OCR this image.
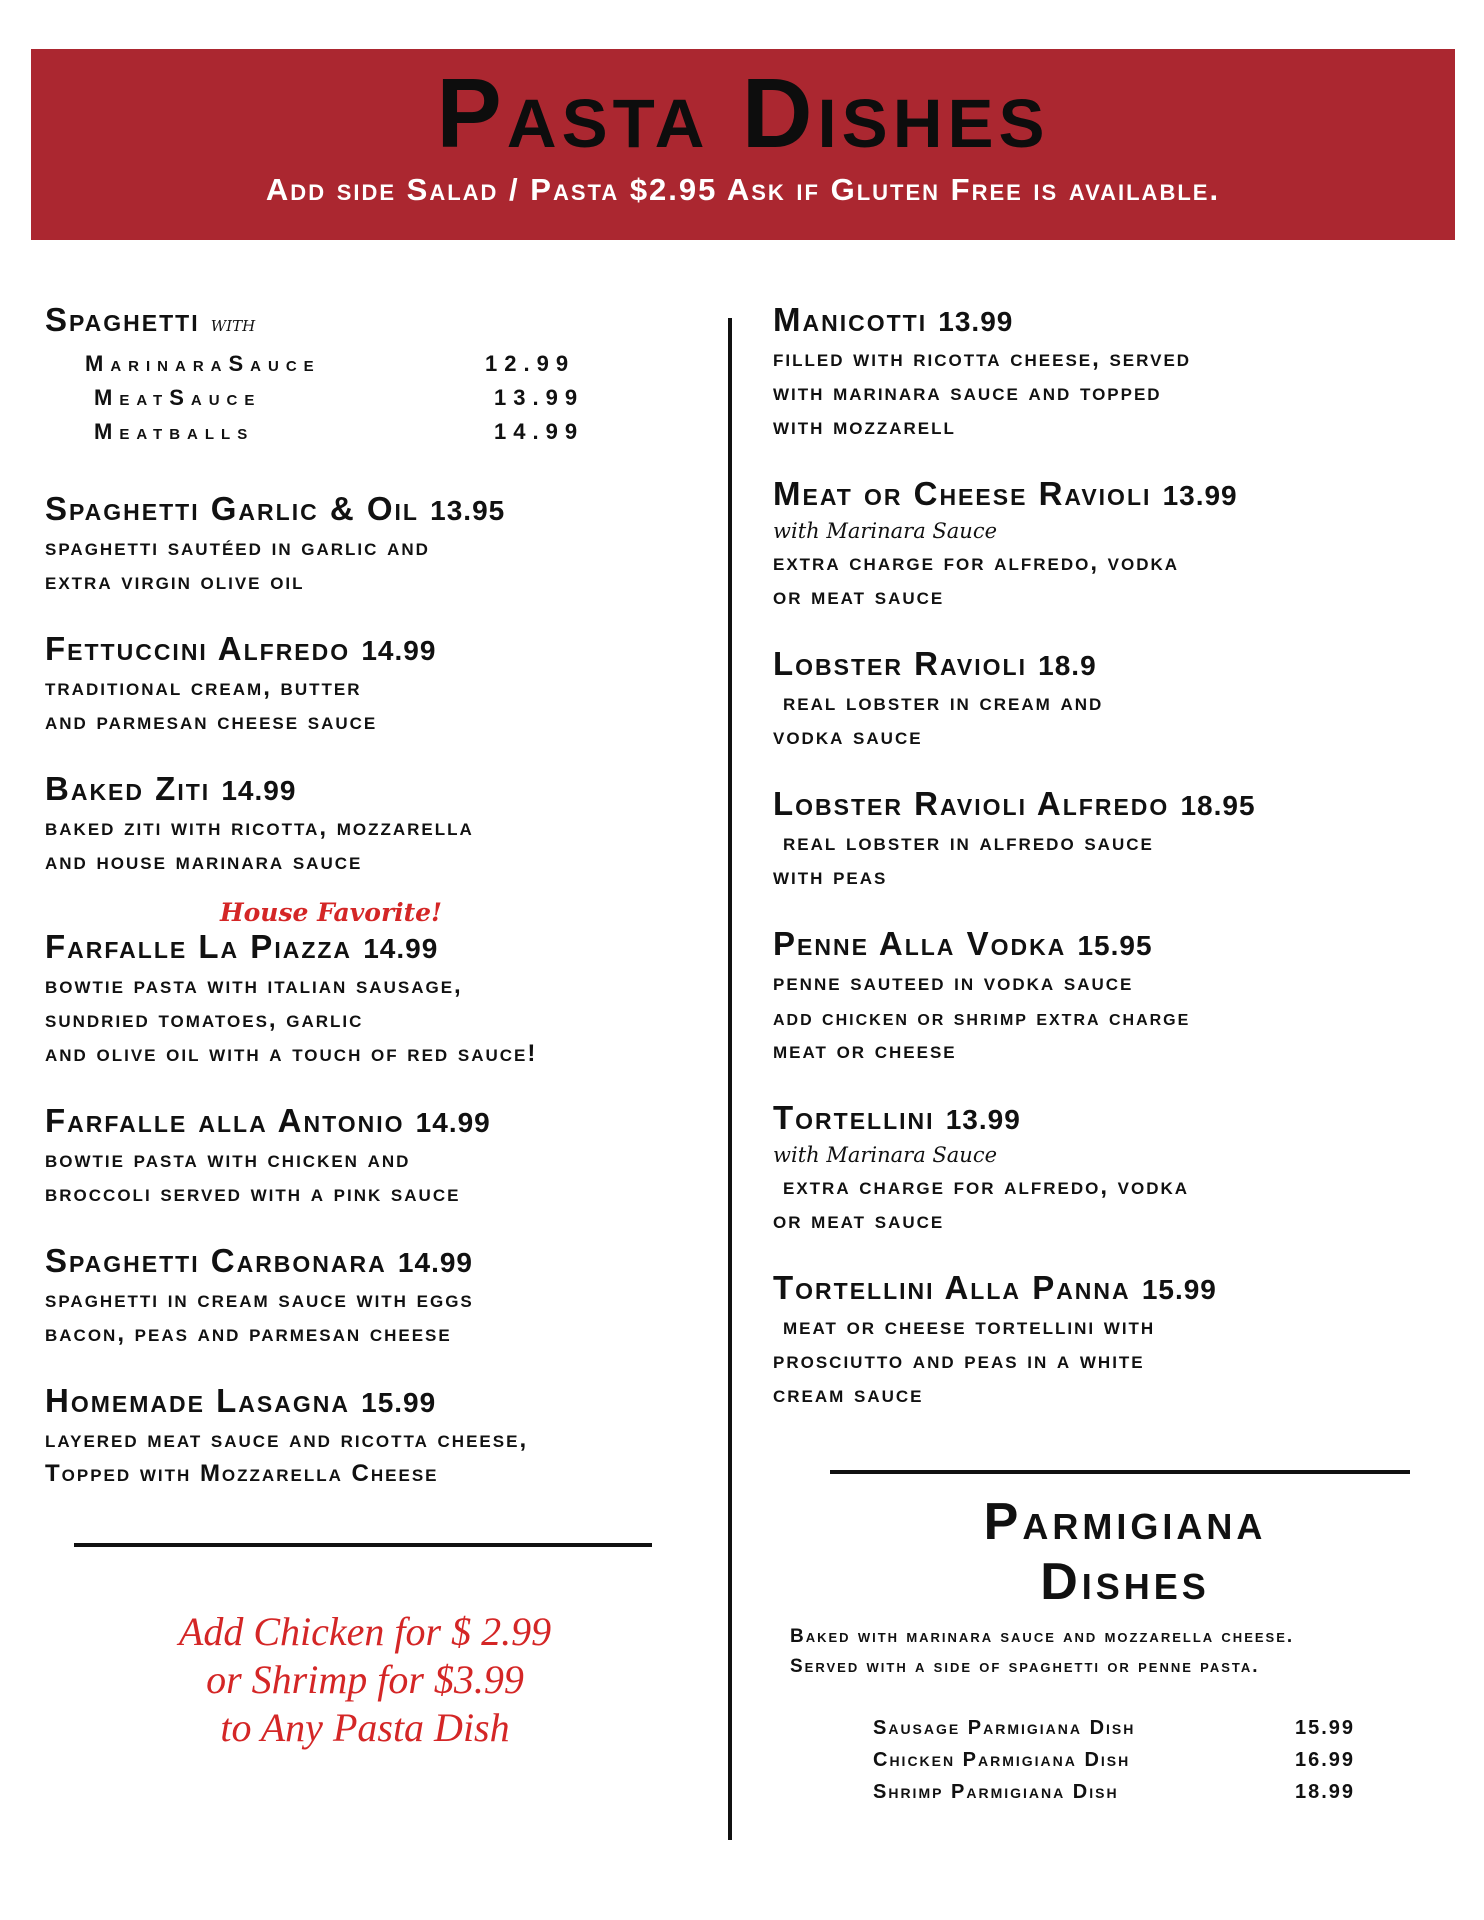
Pasta Dishes
Add side Salad / Pasta $2.95 Ask if Gluten Free is available.
Spaghetti with
MarinaraSauce	12.99
MeatSauce	13.99
Meatballs	14.99
Spaghetti Garlic & Oil 13.95
spaghetti sautéed in garlic and
extra virgin olive oil
Fettuccini Alfredo 14.99
traditional cream, butter
and parmesan cheese sauce
Baked Ziti 14.99
baked ziti with ricotta, mozzarella
and house marinara sauce
House Favorite!
Farfalle La Piazza 14.99
bowtie pasta with italian sausage,
sundried tomatoes, garlic
and olive oil with a touch of red sauce!
Farfalle alla Antonio 14.99
bowtie pasta with chicken and
broccoli served with a pink sauce
Spaghetti Carbonara 14.99
spaghetti in cream sauce with eggs
bacon, peas and parmesan cheese
Homemade Lasagna 15.99
layered meat sauce and ricotta cheese,
Topped with Mozzarella Cheese
Add Chicken for $ 2.99
or Shrimp for $3.99
to Any Pasta Dish
Manicotti 13.99
filled with ricotta cheese, served
with marinara sauce and topped
with mozzarell
Meat or Cheese Ravioli 13.99
with Marinara Sauce
extra charge for alfredo, vodka
or meat sauce
Lobster Ravioli 18.9
real lobster in cream and
vodka sauce
Lobster Ravioli Alfredo 18.95
real lobster in alfredo sauce
with peas
Penne Alla Vodka 15.95
penne sauteed in vodka sauce
add chicken or shrimp extra charge
meat or cheese
Tortellini 13.99
with Marinara Sauce
extra charge for alfredo, vodka
or meat sauce
Tortellini Alla Panna 15.99
meat or cheese tortellini with
prosciutto and peas in a white
cream sauce
Parmigiana
Dishes
Baked with marinara sauce and mozzarella cheese.
Served with a side of spaghetti or penne pasta.
Sausage Parmigiana Dish	15.99
Chicken Parmigiana Dish	16.99
Shrimp Parmigiana Dish	18.99
